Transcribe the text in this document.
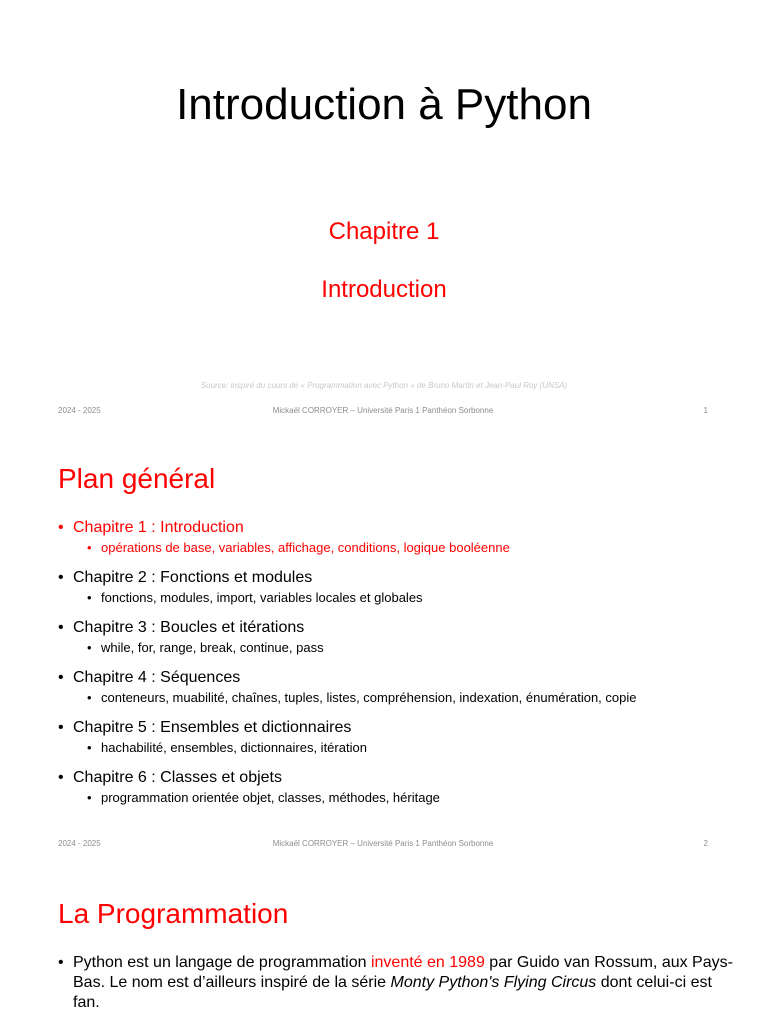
Introduction à Python
Chapitre 1
Introduction
Source: inspiré du cours de « Programmation avec Python » de Bruno Martin et Jean-Paul Roy (UNSA)
2024 - 2025	Mickaël CORROYER – Université Paris 1 Panthéon Sorbonne	1
Plan général
• Chapitre 1 : Introduction
• opérations de base, variables, affichage, conditions, logique booléenne
• Chapitre 2 : Fonctions et modules
• fonctions, modules, import, variables locales et globales
• Chapitre 3 : Boucles et itérations
• while, for, range, break, continue, pass
• Chapitre 4 : Séquences
• conteneurs, muabilité, chaînes, tuples, listes, compréhension, indexation, énumération, copie
• Chapitre 5 : Ensembles et dictionnaires
• hachabilité, ensembles, dictionnaires, itération
• Chapitre 6 : Classes et objets
• programmation orientée objet, classes, méthodes, héritage
2024 - 2025	Mickaël CORROYER – Université Paris 1 Panthéon Sorbonne	2
La Programmation
• Python est un langage de programmation inventé en 1989 par Guido van Rossum, aux Pays-Bas. Le nom est d’ailleurs inspiré de la série Monty Python's Flying Circus dont celui-ci est fan.
